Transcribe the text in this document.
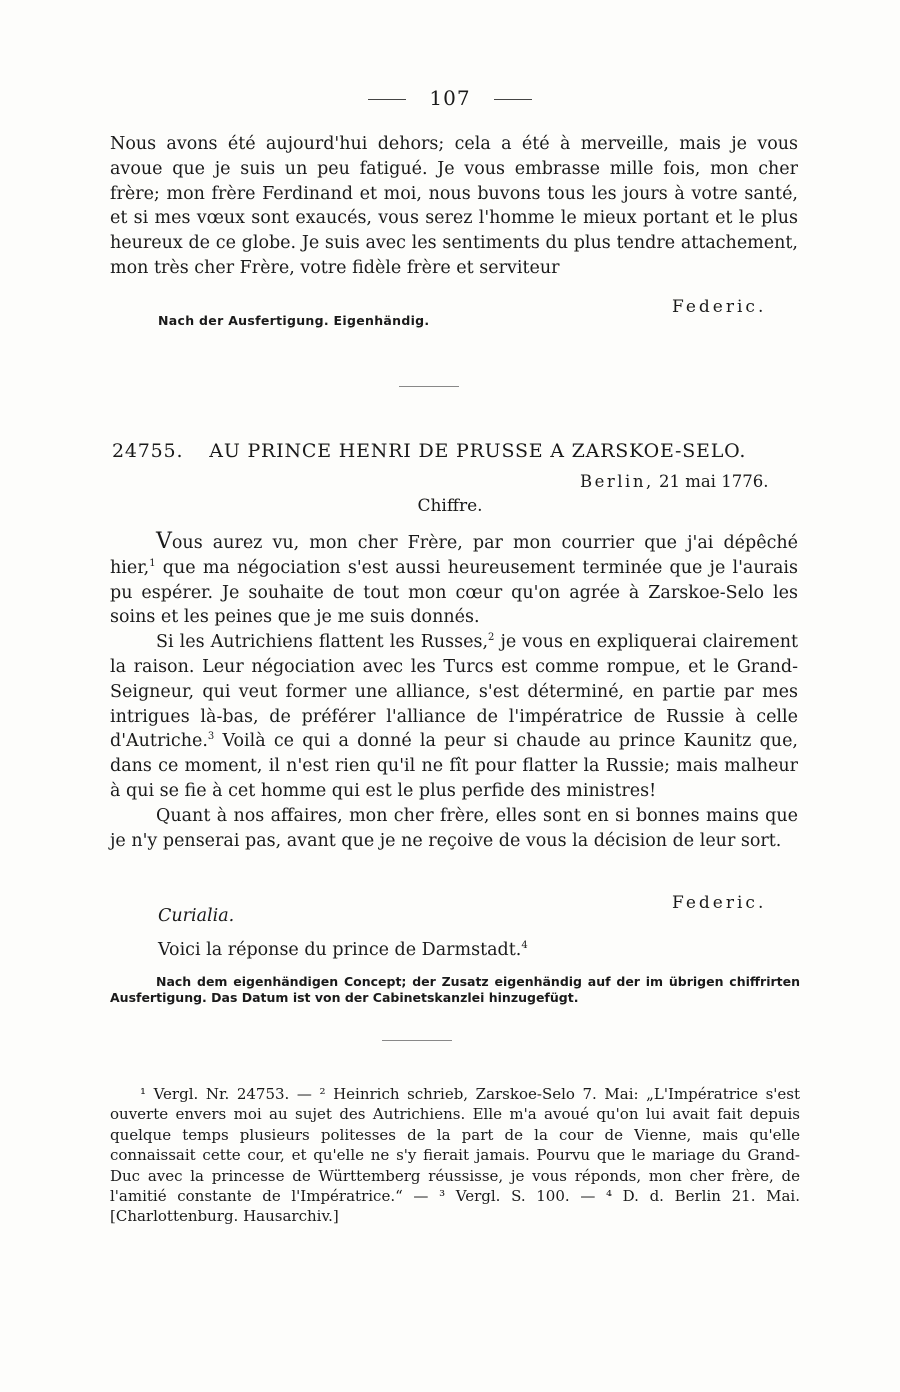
107

Nous avons été aujourd'hui dehors; cela a été à merveille, mais je vous avoue que je suis un peu fatigué. Je vous embrasse mille fois, mon cher frère; mon frère Ferdinand et moi, nous buvons tous les jours à votre santé, et si mes vœux sont exaucés, vous serez l'homme le mieux portant et le plus heureux de ce globe. Je suis avec les sentiments du plus tendre attachement, mon très cher Frère, votre fidèle frère et serviteur

Federic.
Nach der Ausfertigung. Eigenhändig.
24755. AU PRINCE HENRI DE PRUSSE A ZARSKOE-SELO.
Berlin, 21 mai 1776.
Chiffre.

Vous aurez vu, mon cher Frère, par mon courrier que j'ai dépêché hier,$^1$ que ma négociation s'est aussi heureusement terminée que je l'aurais pu espérer. Je souhaite de tout mon cœur qu'on agrée à Zarskoe-Selo les soins et les peines que je me suis donnés.

Si les Autrichiens flattent les Russes,$^2$ je vous en expliquerai clairement la raison. Leur négociation avec les Turcs est comme rompue, et le Grand-Seigneur, qui veut former une alliance, s'est déterminé, en partie par mes intrigues là-bas, de préférer l'alliance de l'impératrice de Russie à celle d'Autriche.$^3$ Voilà ce qui a donné la peur si chaude au prince Kaunitz que, dans ce moment, il n'est rien qu'il ne fît pour flatter la Russie; mais malheur à qui se fie à cet homme qui est le plus perfide des ministres!

Quant à nos affaires, mon cher frère, elles sont en si bonnes mains que je n'y penserai pas, avant que je ne reçoive de vous la décision de leur sort.

Federic.
Curialia.
Voici la réponse du prince de Darmstadt.$^4$
Nach dem eigenhändigen Concept; der Zusatz eigenhändig auf der im übrigen chiffrirten Ausfertigung. Das Datum ist von der Cabinetskanzlei hinzugefügt.

¹ Vergl. Nr. 24753. — ² Heinrich schrieb, Zarskoe-Selo 7. Mai: „L'Impératrice s'est ouverte envers moi au sujet des Autrichiens. Elle m'a avoué qu'on lui avait fait depuis quelque temps plusieurs politesses de la part de la cour de Vienne, mais qu'elle connaissait cette cour, et qu'elle ne s'y fierait jamais. Pourvu que le mariage du Grand-Duc avec la princesse de Württemberg réussisse, je vous réponds, mon cher frère, de l'amitié constante de l'Impératrice.“ — ³ Vergl. S. 100. — ⁴ D. d. Berlin 21. Mai. [Charlottenburg. Hausarchiv.]
